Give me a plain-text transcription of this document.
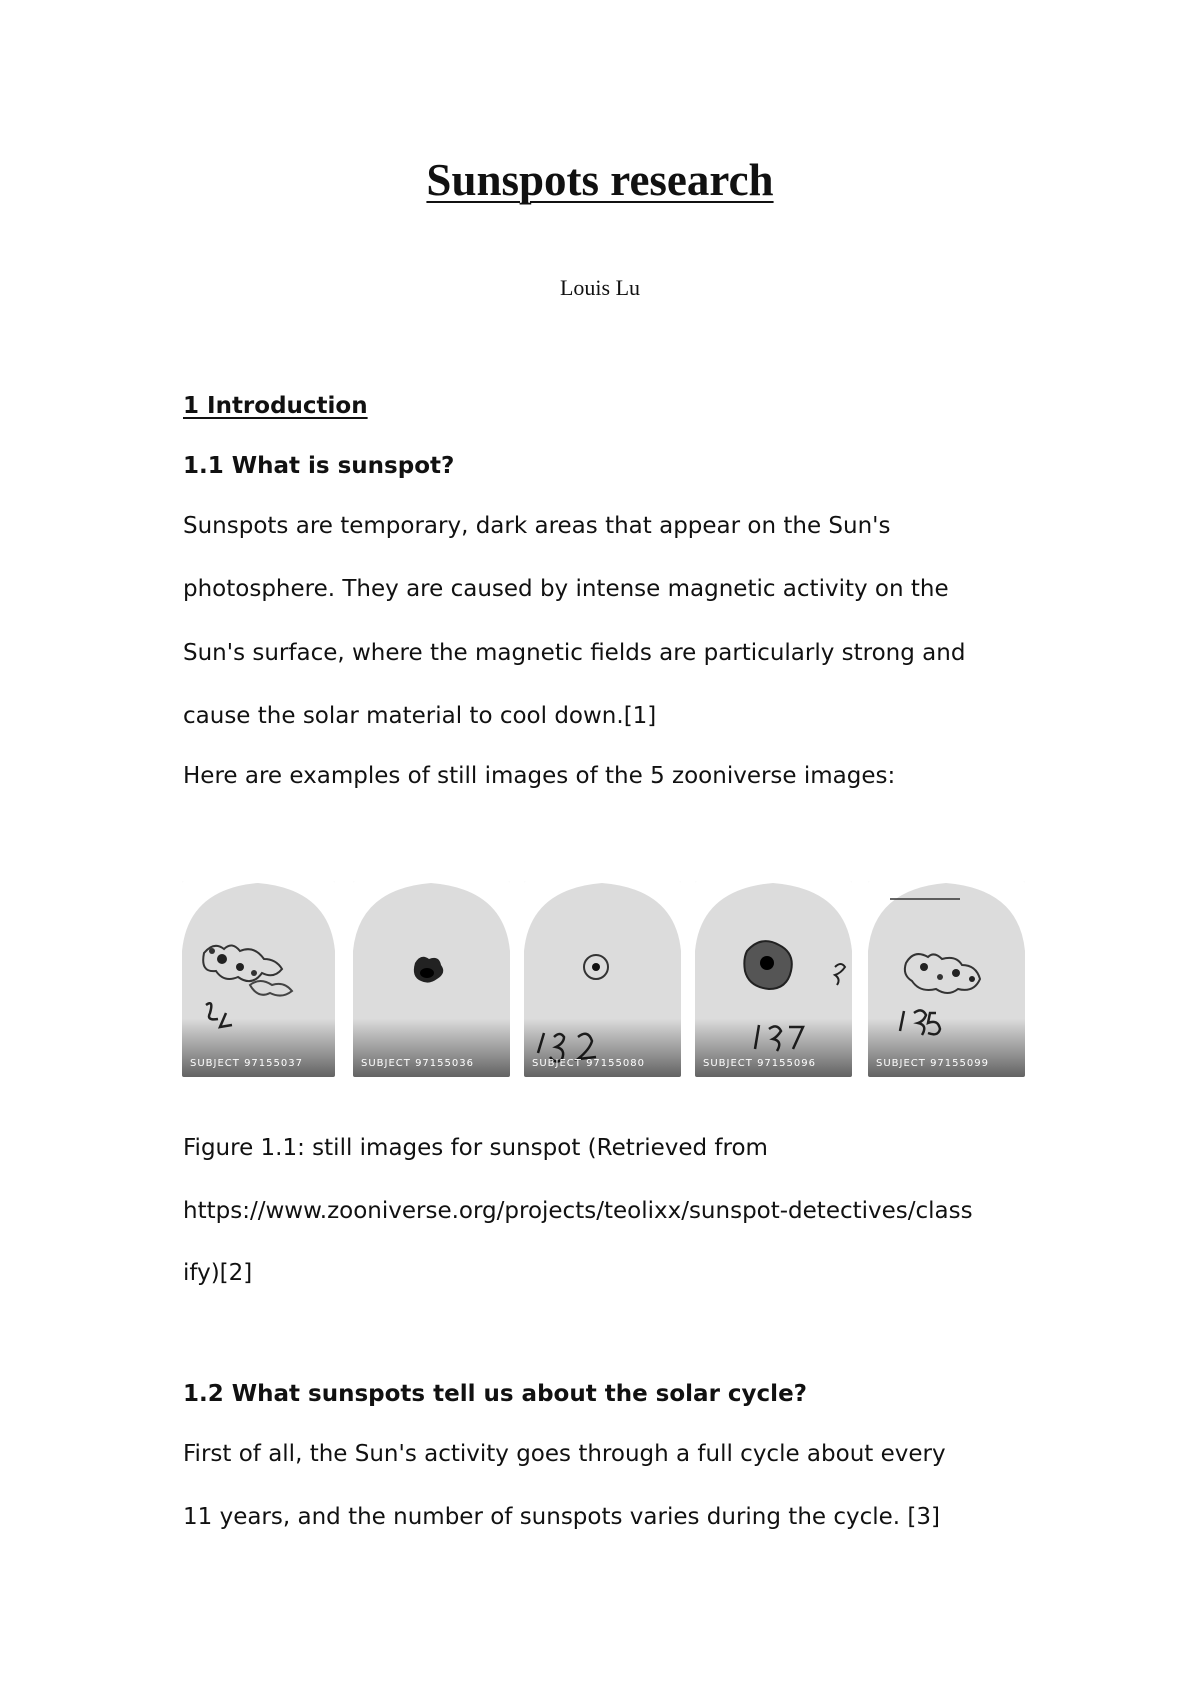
Sunspots research
Louis Lu
1 Introduction
1.1 What is sunspot?
Sunspots are temporary, dark areas that appear on the Sun's
photosphere. They are caused by intense magnetic activity on the
Sun's surface, where the magnetic fields are particularly strong and
cause the solar material to cool down.[1]
Here are examples of still images of the 5 zooniverse images:
SUBJECT 97155037	SUBJECT 97155036	SUBJECT 97155080	SUBJECT 97155096	SUBJECT 97155099
Figure 1.1: still images for sunspot (Retrieved from
https://www.zooniverse.org/projects/teolixx/sunspot-detectives/class
ify)[2]
1.2 What sunspots tell us about the solar cycle?
First of all, the Sun's activity goes through a full cycle about every
11 years, and the number of sunspots varies during the cycle. [3]
